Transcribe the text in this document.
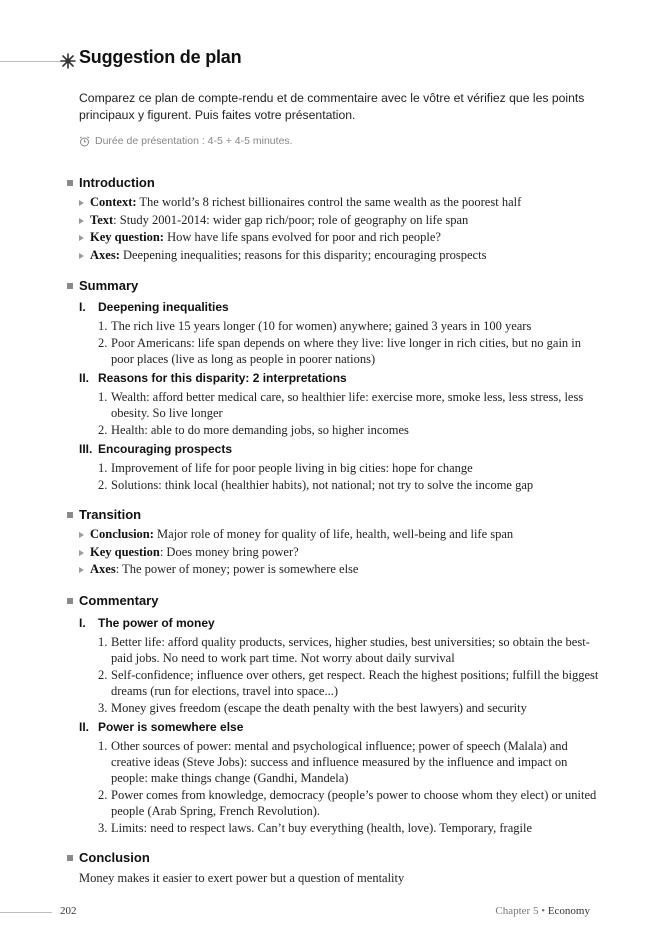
Suggestion de plan
Comparez ce plan de compte-rendu et de commentaire avec le vôtre et vérifiez que les points principaux y figurent. Puis faites votre présentation.
Durée de présentation : 4-5 + 4-5 minutes.
Introduction
Context: The world’s 8 richest billionaires control the same wealth as the poorest half
Text: Study 2001-2014: wider gap rich/poor; role of geography on life span
Key question: How have life spans evolved for poor and rich people?
Axes: Deepening inequalities; reasons for this disparity; encouraging prospects
Summary
I. Deepening inequalities
1. The rich live 15 years longer (10 for women) anywhere; gained 3 years in 100 years
2. Poor Americans: life span depends on where they live: live longer in rich cities, but no gain in poor places (live as long as people in poorer nations)
II. Reasons for this disparity: 2 interpretations
1. Wealth: afford better medical care, so healthier life: exercise more, smoke less, less stress, less obesity. So live longer
2. Health: able to do more demanding jobs, so higher incomes
III. Encouraging prospects
1. Improvement of life for poor people living in big cities: hope for change
2. Solutions: think local (healthier habits), not national; not try to solve the income gap
Transition
Conclusion: Major role of money for quality of life, health, well-being and life span
Key question: Does money bring power?
Axes: The power of money; power is somewhere else
Commentary
I. The power of money
1. Better life: afford quality products, services, higher studies, best universities; so obtain the best-paid jobs. No need to work part time. Not worry about daily survival
2. Self-confidence; influence over others, get respect. Reach the highest positions; fulfill the biggest dreams (run for elections, travel into space...)
3. Money gives freedom (escape the death penalty with the best lawyers) and security
II. Power is somewhere else
1. Other sources of power: mental and psychological influence; power of speech (Malala) and creative ideas (Steve Jobs): success and influence measured by the influence and impact on people: make things change (Gandhi, Mandela)
2. Power comes from knowledge, democracy (people’s power to choose whom they elect) or united people (Arab Spring, French Revolution).
3. Limits: need to respect laws. Can’t buy everything (health, love). Temporary, fragile
Conclusion
Money makes it easier to exert power but a question of mentality
202	Chapter 5 • Economy
